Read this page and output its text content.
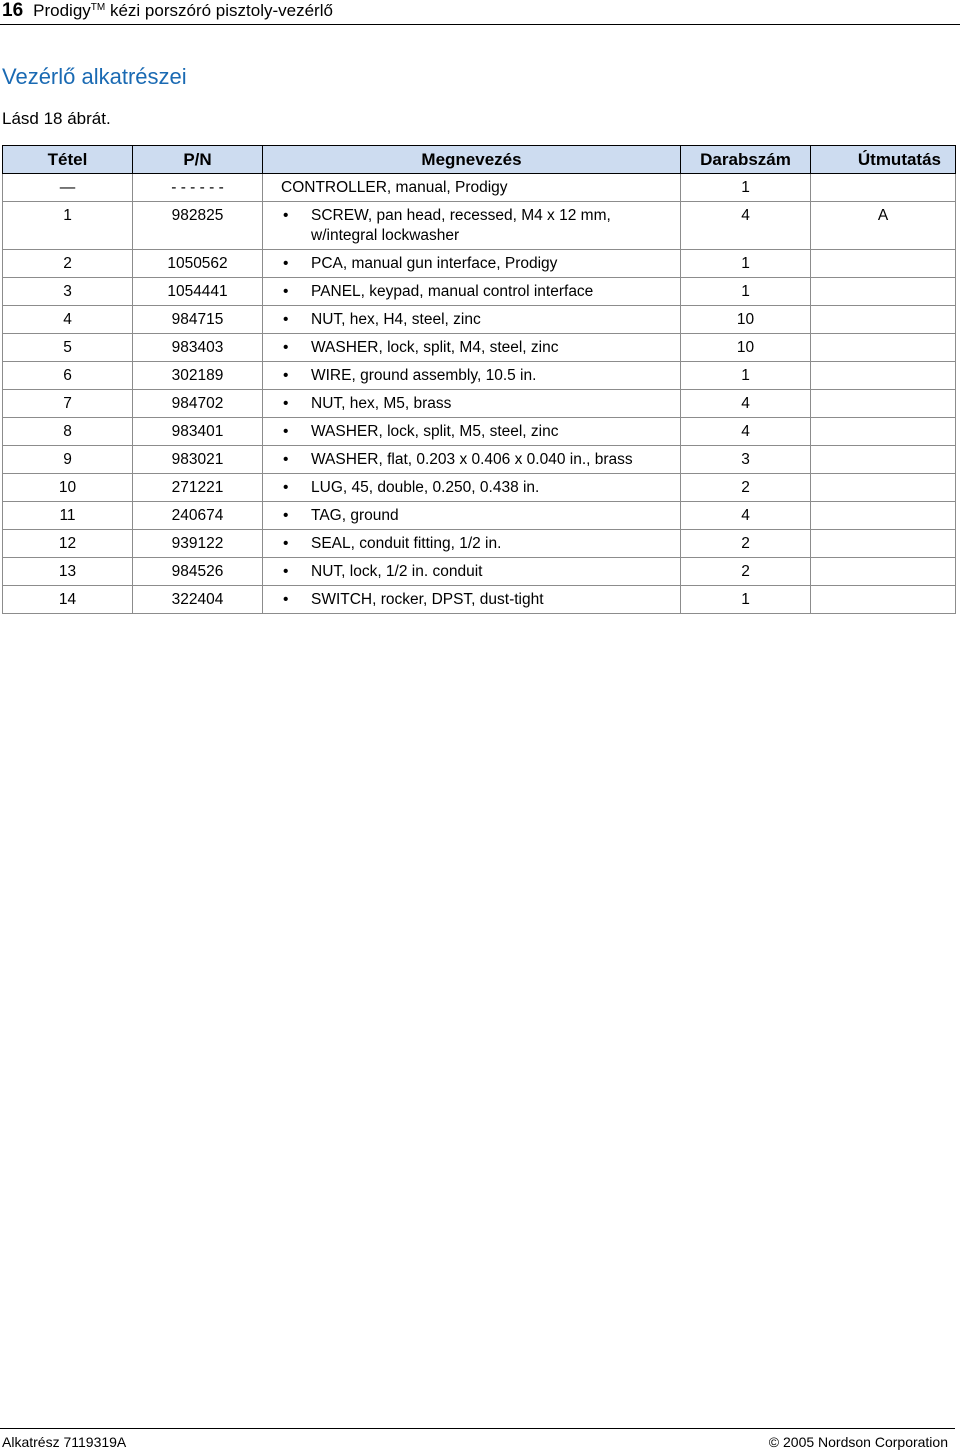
16 Prodigy™ kézi porszóró pisztoly-vezérlő
Vezérlő alkatrészei
Lásd 18 ábrát.
Tétel	P/N	Megnevezés	Darabszám	Útmutatás
—	- - - - - -	CONTROLLER, manual, Prodigy	1	
1	982825	• SCREW, pan head, recessed, M4 x 12 mm, w/integral lockwasher	4	A
2	1050562	• PCA, manual gun interface, Prodigy	1	
3	1054441	• PANEL, keypad, manual control interface	1	
4	984715	• NUT, hex, H4, steel, zinc	10	
5	983403	• WASHER, lock, split, M4, steel, zinc	10	
6	302189	• WIRE, ground assembly, 10.5 in.	1	
7	984702	• NUT, hex, M5, brass	4	
8	983401	• WASHER, lock, split, M5, steel, zinc	4	
9	983021	• WASHER, flat, 0.203 x 0.406 x 0.040 in., brass	3	
10	271221	• LUG, 45, double, 0.250, 0.438 in.	2	
11	240674	• TAG, ground	4	
12	939122	• SEAL, conduit fitting, 1/2 in.	2	
13	984526	• NUT, lock, 1/2 in. conduit	2	
14	322404	• SWITCH, rocker, DPST, dust-tight	1	
Alkatrész 7119319A	© 2005 Nordson Corporation
